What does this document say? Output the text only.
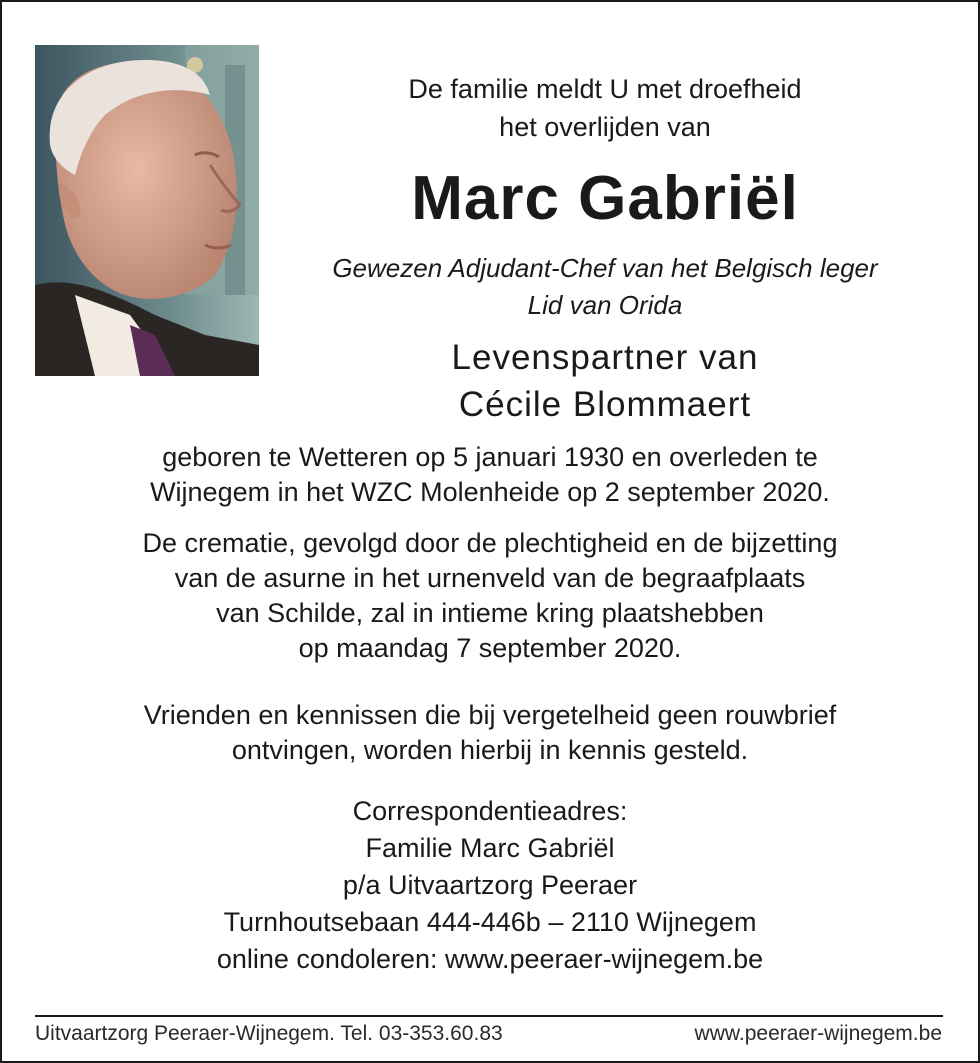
De familie meldt U met droefheid
het overlijden van
Marc Gabriël
Gewezen Adjudant-Chef van het Belgisch leger
Lid van Orida
Levenspartner van
Cécile Blommaert
geboren te Wetteren op 5 januari 1930 en overleden te
Wijnegem in het WZC Molenheide op 2 september 2020.
De crematie, gevolgd door de plechtigheid en de bijzetting
van de asurne in het urnenveld van de begraafplaats
van Schilde, zal in intieme kring plaatshebben
op maandag 7 september 2020.
Vrienden en kennissen die bij vergetelheid geen rouwbrief
ontvingen, worden hierbij in kennis gesteld.
Correspondentieadres:
Familie Marc Gabriël
p/a Uitvaartzorg Peeraer
Turnhoutsebaan 444-446b – 2110 Wijnegem
online condoleren: www.peeraer-wijnegem.be
Uitvaartzorg Peeraer-Wijnegem. Tel. 03-353.60.83	www.peeraer-wijnegem.be
